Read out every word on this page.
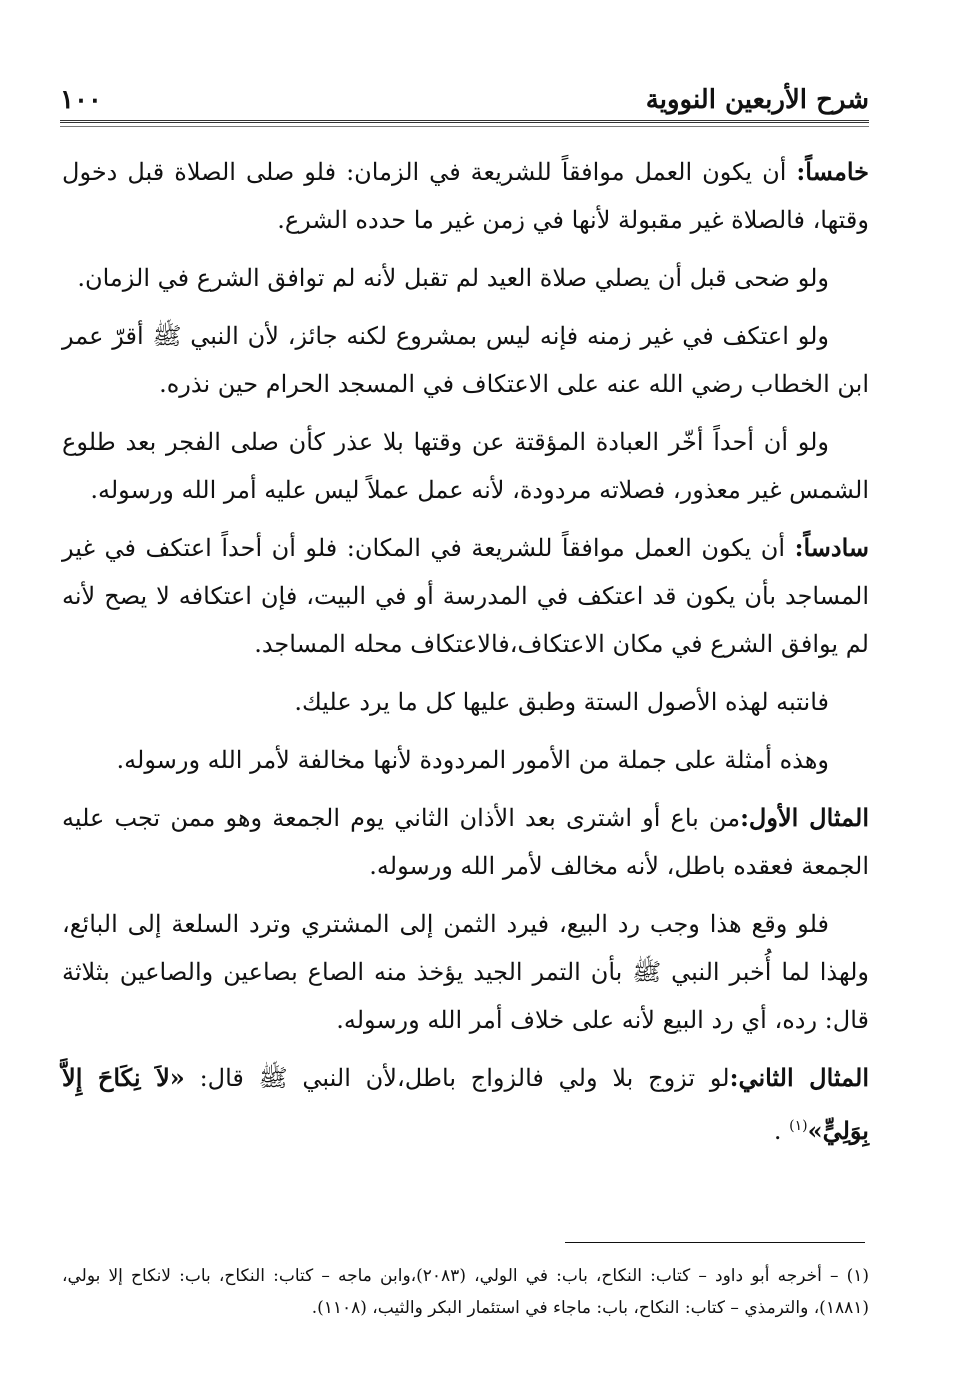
شرح الأربعين النووية
١٠٠

خامساً: أن يكون العمل موافقاً للشريعة في الزمان: فلو صلى الصلاة قبل دخول وقتها، فالصلاة غير مقبولة لأنها في زمن غير ما حدده الشرع.

ولو ضحى قبل أن يصلي صلاة العيد لم تقبل لأنه لم توافق الشرع في الزمان.

ولو اعتكف في غير زمنه فإنه ليس بمشروع لكنه جائز، لأن النبي ﷺ أقرّ عمر ابن الخطاب رضي الله عنه على الاعتكاف في المسجد الحرام حين نذره.

ولو أن أحداً أخّر العبادة المؤقتة عن وقتها بلا عذر كأن صلى الفجر بعد طلوع الشمس غير معذور، فصلاته مردودة، لأنه عمل عملاً ليس عليه أمر الله ورسوله.

سادساً: أن يكون العمل موافقاً للشريعة في المكان: فلو أن أحداً اعتكف في غير المساجد بأن يكون قد اعتكف في المدرسة أو في البيت، فإن اعتكافه لا يصح لأنه لم يوافق الشرع في مكان الاعتكاف،فالاعتكاف محله المساجد.

فانتبه لهذه الأصول الستة وطبق عليها كل ما يرد عليك.

وهذه أمثلة على جملة من الأمور المردودة لأنها مخالفة لأمر الله ورسوله.

المثال الأول:من باع أو اشترى بعد الأذان الثاني يوم الجمعة وهو ممن تجب عليه الجمعة فعقده باطل، لأنه مخالف لأمر الله ورسوله.

فلو وقع هذا وجب رد البيع، فيرد الثمن إلى المشتري وترد السلعة إلى البائع، ولهذا لما أُخبر النبي ﷺ بأن التمر الجيد يؤخذ منه الصاع بصاعين والصاعين بثلاثة قال: رده، أي رد البيع لأنه على خلاف أمر الله ورسوله.

المثال الثاني:لو تزوج بلا ولي فالزواج باطل،لأن النبي ﷺ قال: «لاَ نِكَاحَ إِلاَّ بِوَلِيٍّ»$^{(١)}$ .

(١) – أخرجه أبو داود – كتاب: النكاح، باب: في الولي، (٢٠٨٣)،وابن ماجه – كتاب: النكاح، باب: لانكاح إلا بولي، (١٨٨١)، والترمذي – كتاب: النكاح، باب: ماجاء في استئمار البكر والثيب، (١١٠٨).
